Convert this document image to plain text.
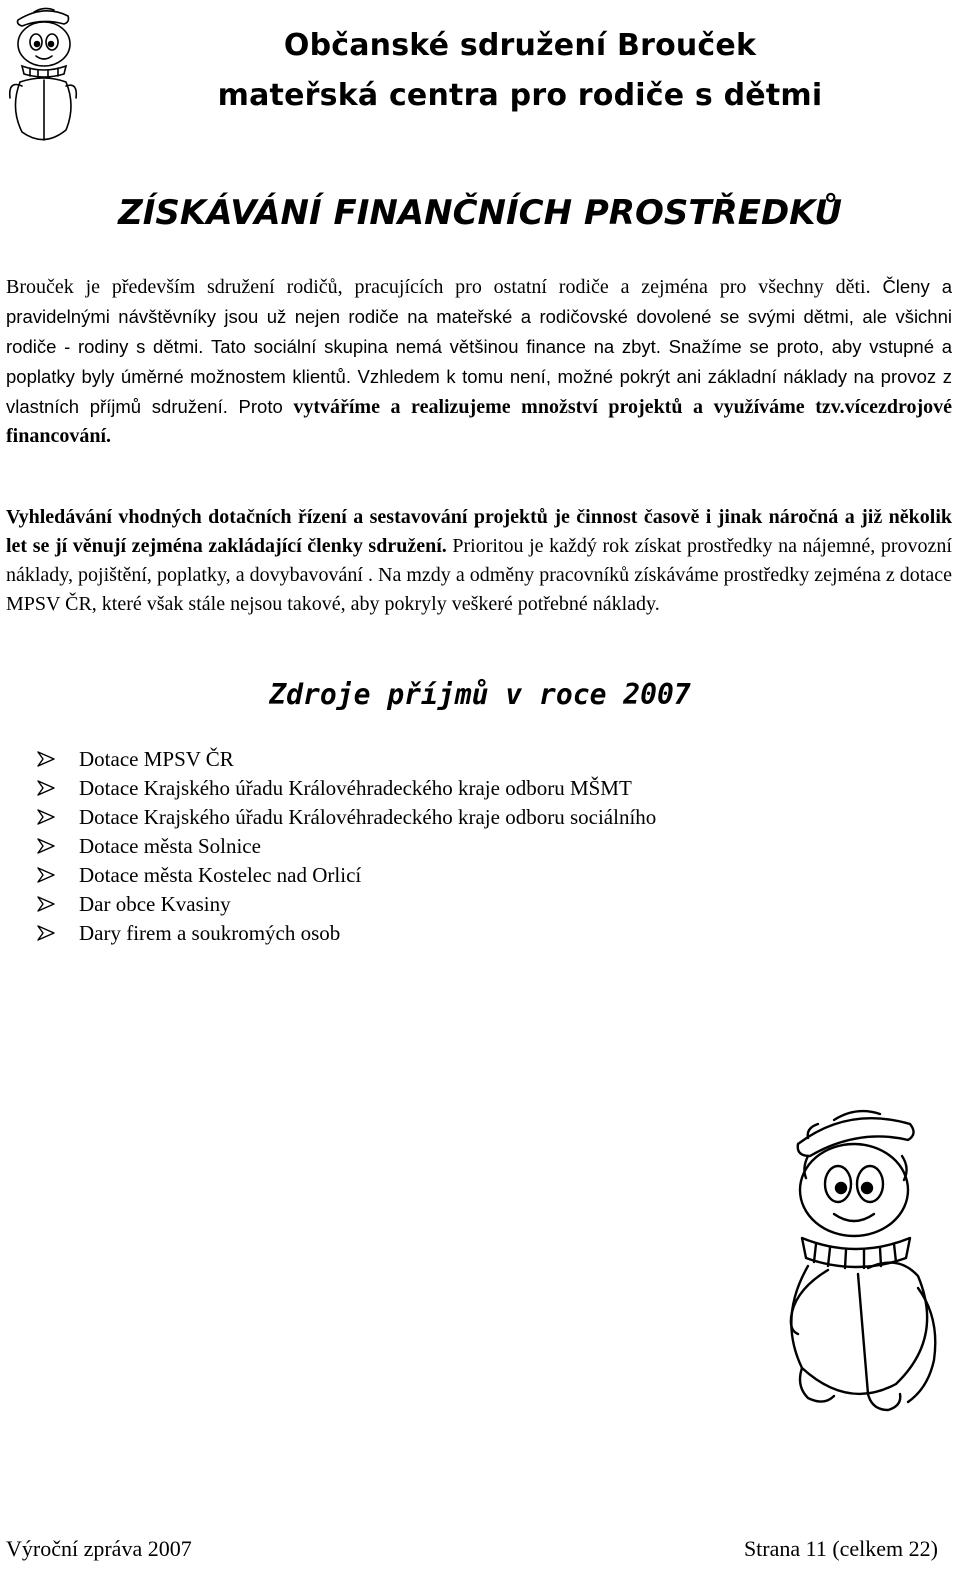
Občanské sdružení Brouček
mateřská centra pro rodiče s dětmi
ZÍSKÁVÁNÍ FINANČNÍCH PROSTŘEDKŮ
Brouček je především sdružení rodičů, pracujících pro ostatní rodiče a zejména pro všechny děti. Členy a pravidelnými návštěvníky jsou už nejen rodiče na mateřské a rodičovské dovolené se svými dětmi, ale všichni rodiče - rodiny s dětmi. Tato sociální skupina nemá většinou finance na zbyt. Snažíme se proto, aby vstupné a poplatky byly úměrné možnostem klientů. Vzhledem k tomu není, možné pokrýt ani základní náklady na provoz z vlastních příjmů sdružení. Proto vytváříme a realizujeme množství projektů a využíváme tzv.vícezdrojové financování.
Vyhledávání vhodných dotačních řízení a sestavování projektů je činnost časově i jinak náročná a již několik let se jí věnují zejména zakládající členky sdružení. Prioritou je každý rok získat prostředky na nájemné, provozní náklady, pojištění, poplatky, a dovybavování . Na mzdy a odměny pracovníků získáváme prostředky zejména z dotace MPSV ČR, které však stále nejsou takové, aby pokryly veškeré potřebné náklady.
Zdroje příjmů v roce 2007
Dotace MPSV ČR
Dotace Krajského úřadu Královéhradeckého kraje odboru MŠMT
Dotace Krajského úřadu Královéhradeckého kraje odboru sociálního
Dotace města Solnice
Dotace města Kostelec nad Orlicí
Dar obce Kvasiny
Dary firem a soukromých osob
Výroční zpráva 2007	Strana 11 (celkem 22)
